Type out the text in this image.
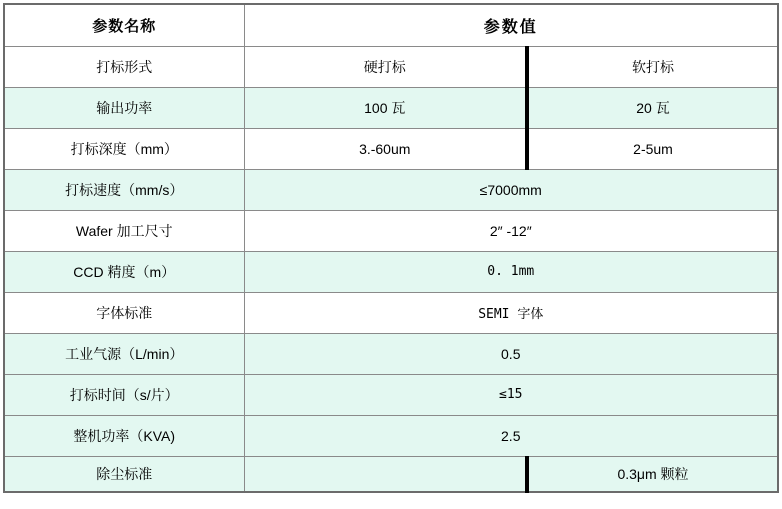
参数名称	参数值	
打标形式	硬打标	软打标
输出功率	100 瓦	20 瓦
打标深度（mm）	3.-60um	2-5um
打标速度（mm/s）	≤7000mm	
Wafer 加工尺寸	2″ -12″	
CCD 精度（m）	0. 1mm	
字体标准	SEMI 字体	
工业气源（L/min）	0.5	
打标时间（s/片）	≤15	
整机功率（KVA)	2.5	
除尘标准		0.3μm 颗粒
